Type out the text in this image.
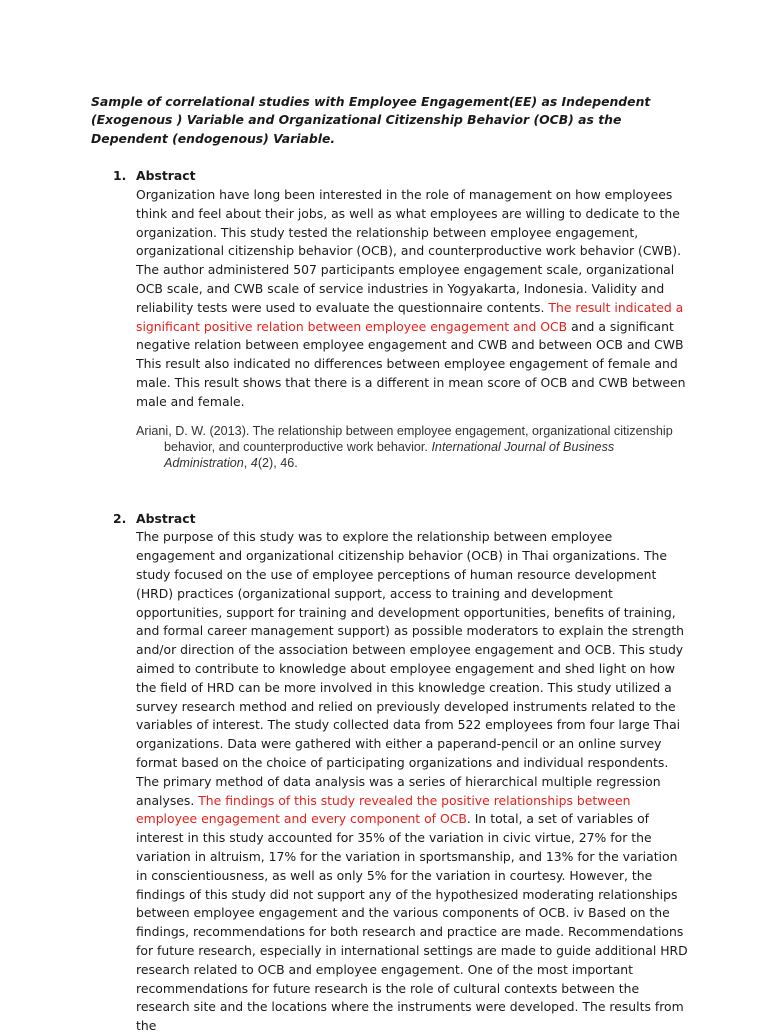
Sample of correlational studies with Employee Engagement(EE) as Independent (Exogenous ) Variable and Organizational Citizenship Behavior (OCB) as the Dependent (endogenous) Variable.
1. Abstract
Organization have long been interested in the role of management on how employees think and feel about their jobs, as well as what employees are willing to dedicate to the organization. This study tested the relationship between employee engagement, organizational citizenship behavior (OCB), and counterproductive work behavior (CWB). The author administered 507 participants employee engagement scale, organizational OCB scale, and CWB scale of service industries in Yogyakarta, Indonesia. Validity and reliability tests were used to evaluate the questionnaire contents. The result indicated a significant positive relation between employee engagement and OCB and a significant negative relation between employee engagement and CWB and between OCB and CWB This result also indicated no differences between employee engagement of female and male. This result shows that there is a different in mean score of OCB and CWB between male and female.
Ariani, D. W. (2013). The relationship between employee engagement, organizational citizenship behavior, and counterproductive work behavior. International Journal of Business Administration, 4(2), 46.
2. Abstract
The purpose of this study was to explore the relationship between employee engagement and organizational citizenship behavior (OCB) in Thai organizations. The study focused on the use of employee perceptions of human resource development (HRD) practices (organizational support, access to training and development opportunities, support for training and development opportunities, benefits of training, and formal career management support) as possible moderators to explain the strength and/or direction of the association between employee engagement and OCB. This study aimed to contribute to knowledge about employee engagement and shed light on how the field of HRD can be more involved in this knowledge creation. This study utilized a survey research method and relied on previously developed instruments related to the variables of interest. The study collected data from 522 employees from four large Thai organizations. Data were gathered with either a paperand-pencil or an online survey format based on the choice of participating organizations and individual respondents. The primary method of data analysis was a series of hierarchical multiple regression analyses. The findings of this study revealed the positive relationships between employee engagement and every component of OCB. In total, a set of variables of interest in this study accounted for 35% of the variation in civic virtue, 27% for the variation in altruism, 17% for the variation in sportsmanship, and 13% for the variation in conscientiousness, as well as only 5% for the variation in courtesy. However, the findings of this study did not support any of the hypothesized moderating relationships between employee engagement and the various components of OCB. iv Based on the findings, recommendations for both research and practice are made. Recommendations for future research, especially in international settings are made to guide additional HRD research related to OCB and employee engagement. One of the most important recommendations for future research is the role of cultural contexts between the research site and the locations where the instruments were developed. The results from the
